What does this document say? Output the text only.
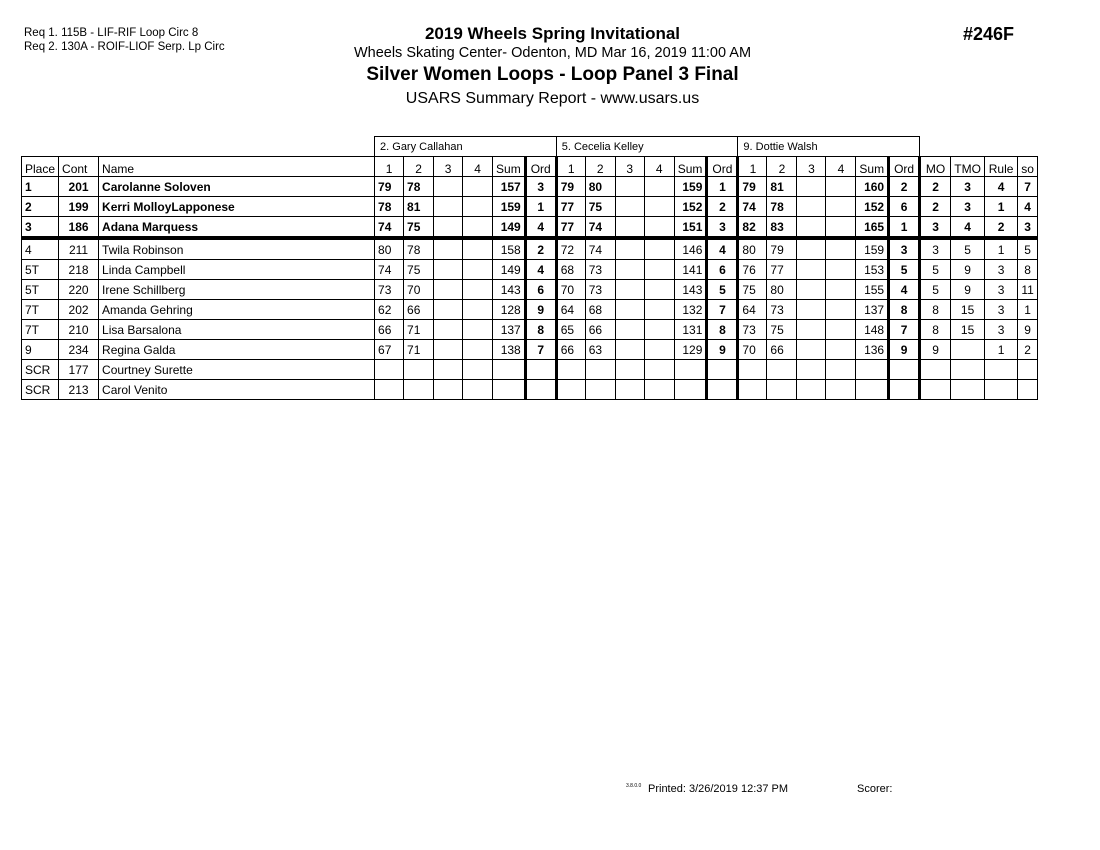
Req 1. 115B - LIF-RIF Loop Circ 8
Req 2. 130A - ROIF-LIOF Serp. Lp Circ
2019 Wheels Spring Invitational
Wheels Skating Center- Odenton, MD Mar 16, 2019 11:00 AM
Silver Women Loops - Loop Panel 3 Final
USARS Summary Report - www.usars.us
#246F
			2. Gary Callahan						5. Cecelia Kelley						9. Dottie Walsh									
Place	Cont	Name	1	2	3	4	Sum	Ord	1	2	3	4	Sum	Ord	1	2	3	4	Sum	Ord	MO	TMO	Rule	so
1	201	Carolanne Soloven	79	78			157	3	79	80			159	1	79	81			160	2	2	3	4	7
2	199	Kerri MolloyLapponese	78	81			159	1	77	75			152	2	74	78			152	6	2	3	1	4
3	186	Adana Marquess	74	75			149	4	77	74			151	3	82	83			165	1	3	4	2	3
4	211	Twila Robinson	80	78			158	2	72	74			146	4	80	79			159	3	3	5	1	5
5T	218	Linda Campbell	74	75			149	4	68	73			141	6	76	77			153	5	5	9	3	8
5T	220	Irene Schillberg	73	70			143	6	70	73			143	5	75	80			155	4	5	9	3	11
7T	202	Amanda Gehring	62	66			128	9	64	68			132	7	64	73			137	8	8	15	3	1
7T	210	Lisa Barsalona	66	71			137	8	65	66			131	8	73	75			148	7	8	15	3	9
9	234	Regina Galda	67	71			138	7	66	63			129	9	70	66			136	9	9		1	2
SCR	177	Courtney Surette																						
SCR	213	Carol Venito																						
3.8.0.0 Printed: 3/26/2019 12:37 PM	Scorer:
